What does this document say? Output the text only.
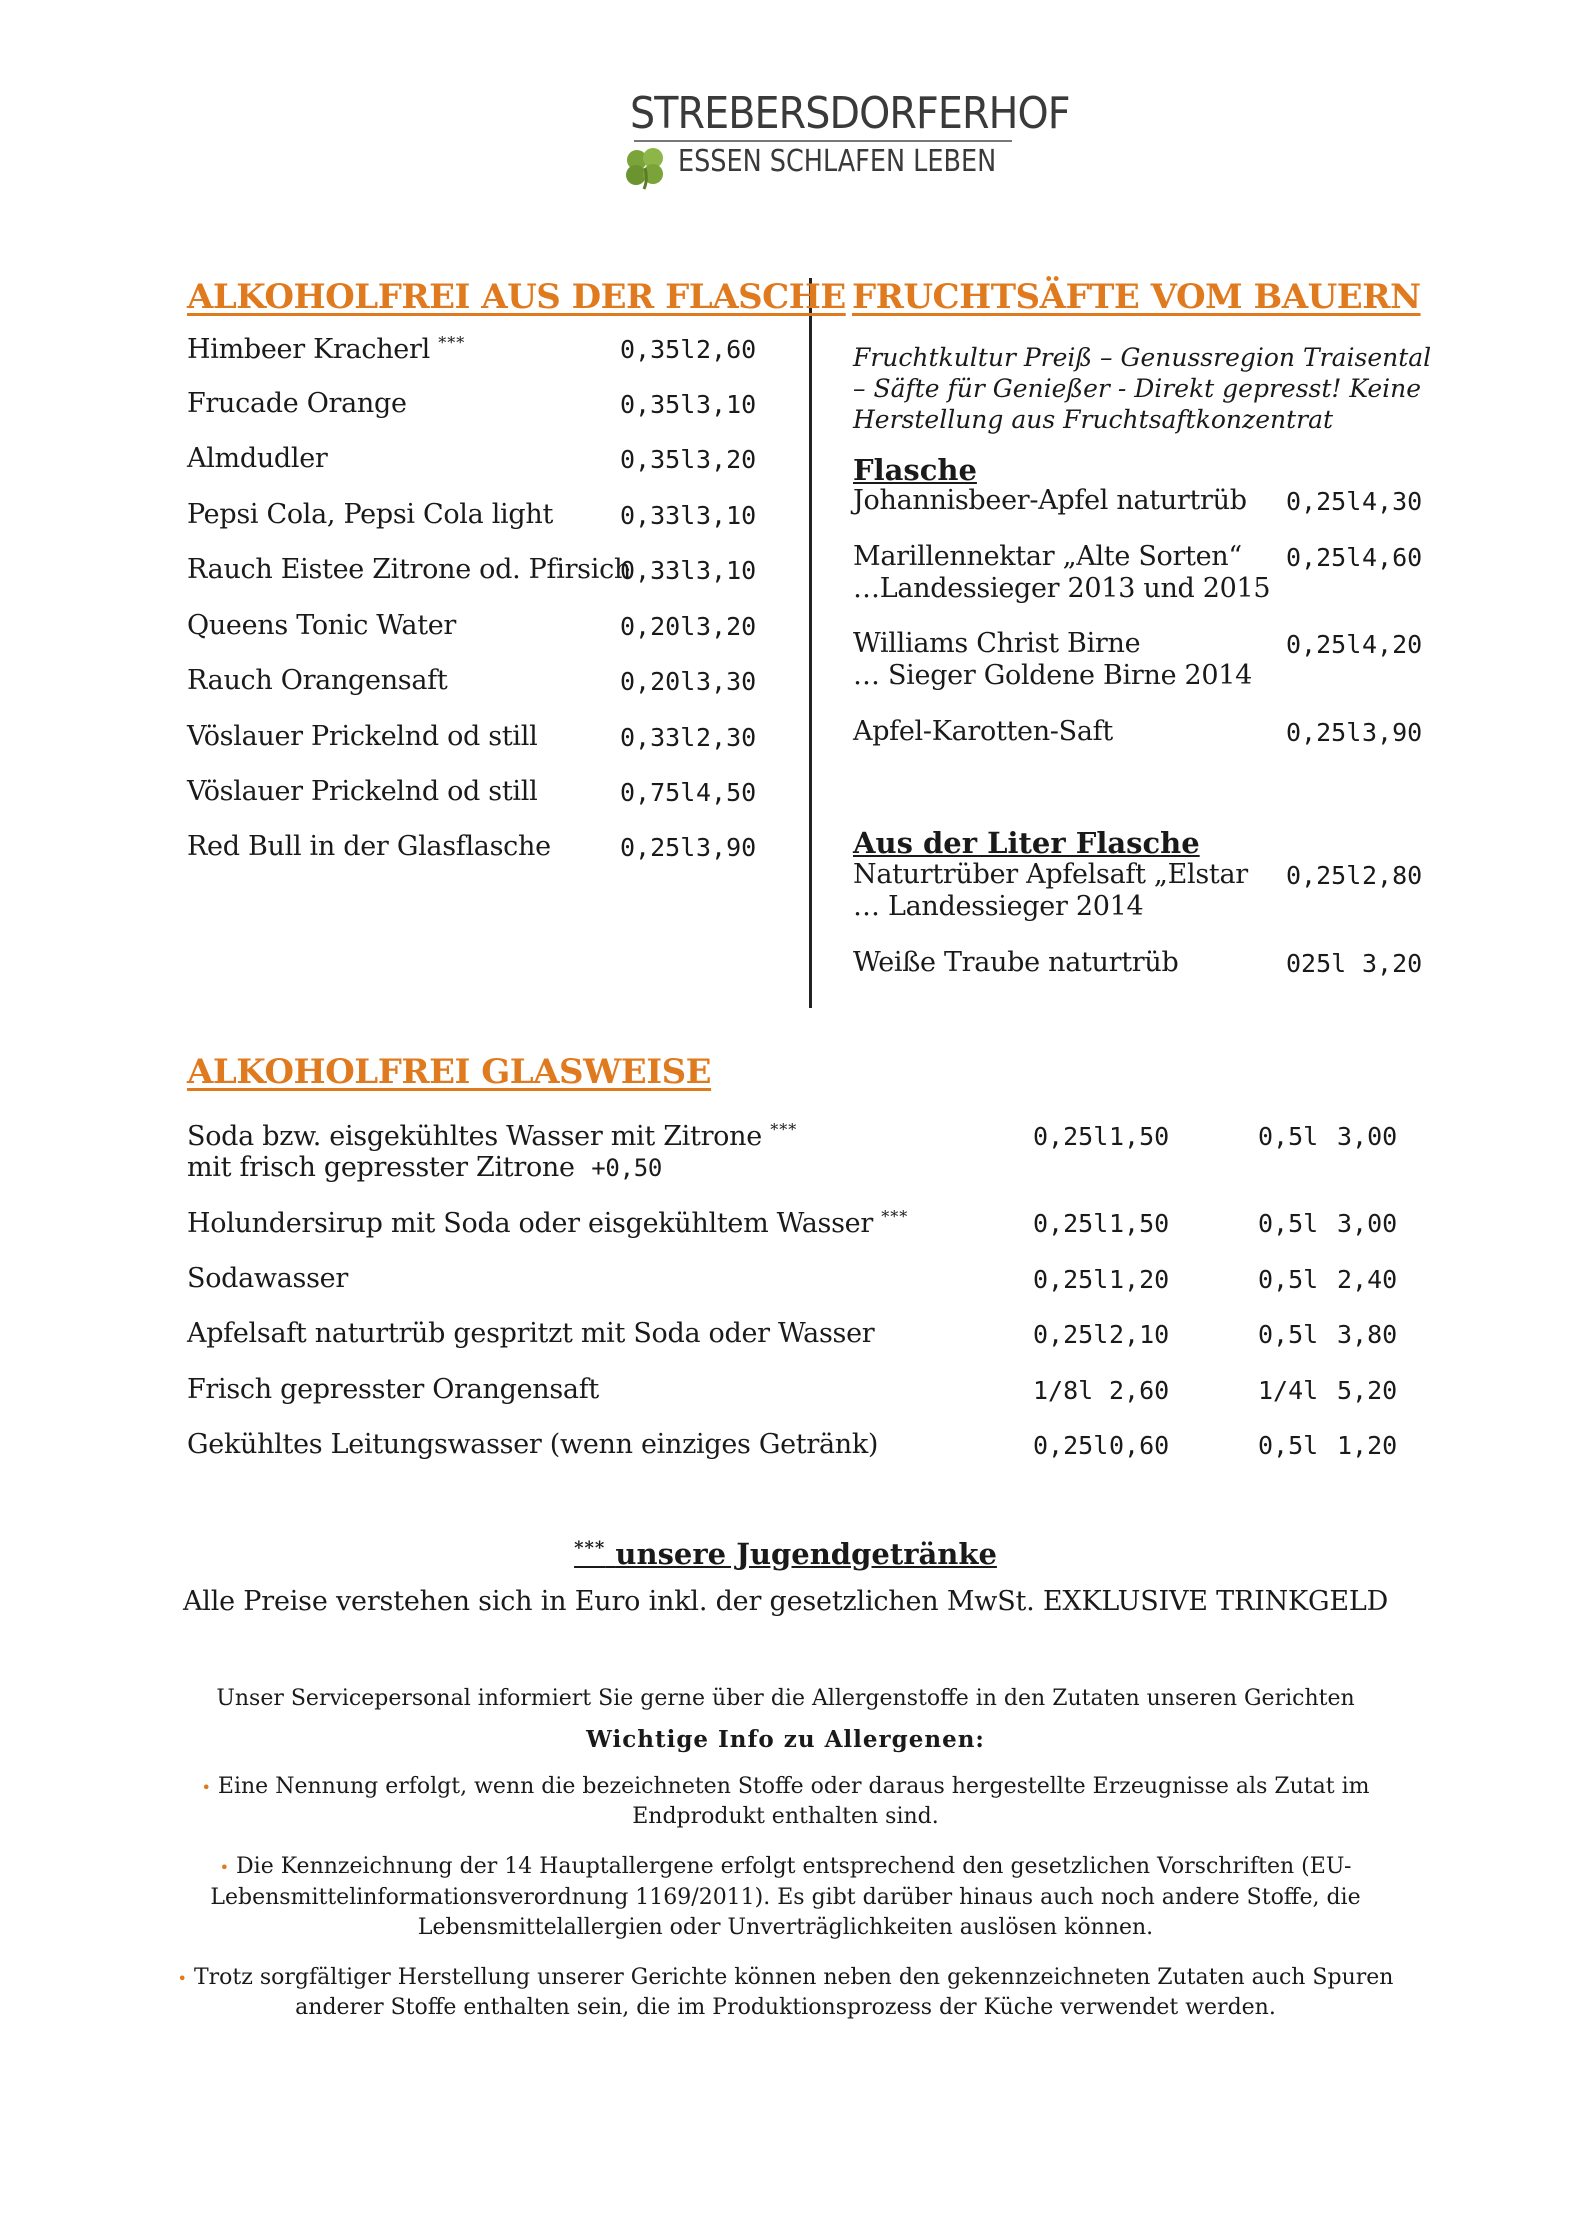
STREBERSDORFERHOF
ESSEN SCHLAFEN LEBEN
ALKOHOLFREI AUS DER FLASCHE
Himbeer Kracherl ***	0,35l 2,60
Frucade Orange	0,35l 3,10
Almdudler	0,35l 3,20
Pepsi Cola, Pepsi Cola light	0,33l 3,10
Rauch Eistee Zitrone od. Pfirsich
0,33l 3,10
Queens Tonic Water	0,20l 3,20
Rauch Orangensaft	0,20l 3,30
Vöslauer Prickelnd od still	0,33l 2,30
Vöslauer Prickelnd od still	0,75l 4,50
Red Bull in der Glasflasche	0,25l 3,90
FRUCHTSÄFTE VOM BAUERN
Fruchtkultur Preiß – Genussregion Traisental – Säfte für Genießer - Direkt gepresst! Keine Herstellung aus Fruchtsaftkonzentrat
Flasche
Johannisbeer-Apfel naturtrüb 0,25l 4,30
Marillennektar „Alte Sorten“
…Landessieger 2013 und 2015
0,25l 4,60
Williams Christ Birne
… Sieger Goldene Birne 2014
0,25l 4,20
Apfel-Karotten-Saft	0,25l 3,90
Aus der Liter Flasche
Naturtrüber Apfelsaft „Elstar
… Landessieger 2014
0,25l 2,80
Weiße Traube naturtrüb	025l 3,20
ALKOHOLFREI GLASWEISE
Soda bzw. eisgekühltes Wasser mit Zitrone ***
mit frisch gepresster Zitrone +0,50
0,25l 1,50	0,5l 3,00
Holundersirup mit Soda oder eisgekühltem Wasser ***	0,25l 1,50	0,5l 3,00
Sodawasser	0,25l 1,20	0,5l 2,40
Apfelsaft naturtrüb gespritzt mit Soda oder Wasser	0,25l 2,10	0,5l 3,80
Frisch gepresster Orangensaft	1/8l 2,60	1/4l 5,20
Gekühltes Leitungswasser (wenn einziges Getränk)	0,25l 0,60	0,5l 1,20
*** unsere Jugendgetränke
Alle Preise verstehen sich in Euro inkl. der gesetzlichen MwSt. EXKLUSIVE TRINKGELD
Unser Servicepersonal informiert Sie gerne über die Allergenstoffe in den Zutaten unseren Gerichten
Wichtige Info zu Allergenen:
• Eine Nennung erfolgt, wenn die bezeichneten Stoffe oder daraus hergestellte Erzeugnisse als Zutat im
Endprodukt enthalten sind.
• Die Kennzeichnung der 14 Hauptallergene erfolgt entsprechend den gesetzlichen Vorschriften (EU-
Lebensmittelinformationsverordnung 1169/2011). Es gibt darüber hinaus auch noch andere Stoffe, die
Lebensmittelallergien oder Unverträglichkeiten auslösen können.
• Trotz sorgfältiger Herstellung unserer Gerichte können neben den gekennzeichneten Zutaten auch Spuren
anderer Stoffe enthalten sein, die im Produktionsprozess der Küche verwendet werden.
